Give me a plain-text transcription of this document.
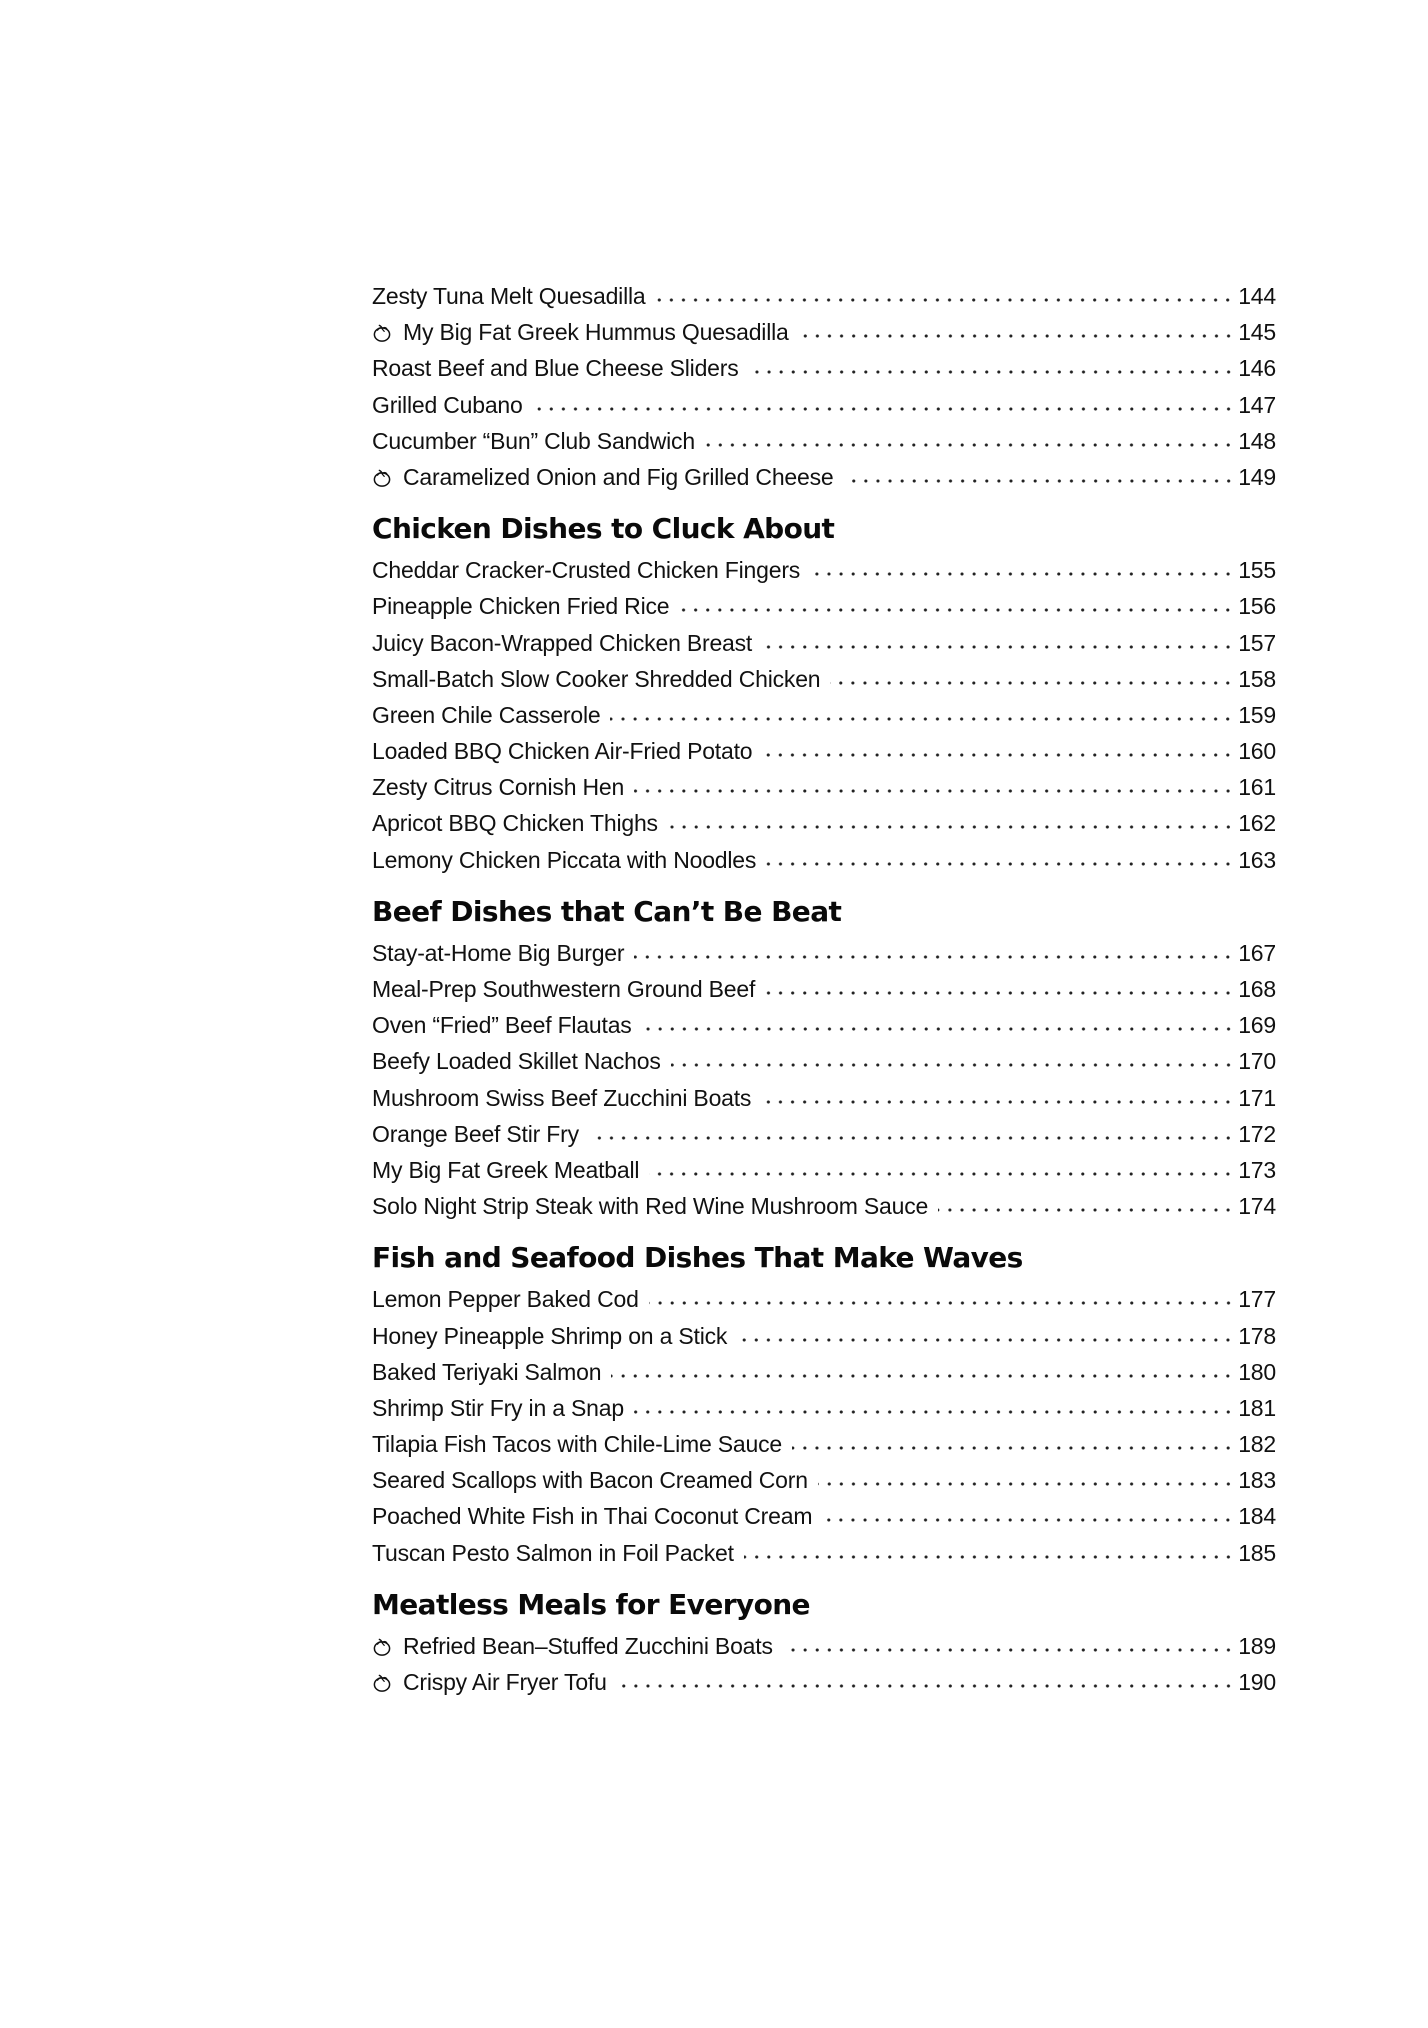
Zesty Tuna Melt Quesadilla	144
My Big Fat Greek Hummus Quesadilla	145
Roast Beef and Blue Cheese Sliders	146
Grilled Cubano	147
Cucumber “Bun” Club Sandwich	148
Caramelized Onion and Fig Grilled Cheese	149
Chicken Dishes to Cluck About
Cheddar Cracker-Crusted Chicken Fingers	155
Pineapple Chicken Fried Rice	156
Juicy Bacon-Wrapped Chicken Breast	157
Small-Batch Slow Cooker Shredded Chicken	158
Green Chile Casserole	159
Loaded BBQ Chicken Air-Fried Potato	160
Zesty Citrus Cornish Hen	161
Apricot BBQ Chicken Thighs	162
Lemony Chicken Piccata with Noodles	163
Beef Dishes that Can’t Be Beat
Stay-at-Home Big Burger	167
Meal-Prep Southwestern Ground Beef	168
Oven “Fried” Beef Flautas	169
Beefy Loaded Skillet Nachos	170
Mushroom Swiss Beef Zucchini Boats	171
Orange Beef Stir Fry	172
My Big Fat Greek Meatball	173
Solo Night Strip Steak with Red Wine Mushroom Sauce	174
Fish and Seafood Dishes That Make Waves
Lemon Pepper Baked Cod	177
Honey Pineapple Shrimp on a Stick	178
Baked Teriyaki Salmon	180
Shrimp Stir Fry in a Snap	181
Tilapia Fish Tacos with Chile-Lime Sauce	182
Seared Scallops with Bacon Creamed Corn	183
Poached White Fish in Thai Coconut Cream	184
Tuscan Pesto Salmon in Foil Packet	185
Meatless Meals for Everyone
Refried Bean–Stuffed Zucchini Boats	189
Crispy Air Fryer Tofu	190
